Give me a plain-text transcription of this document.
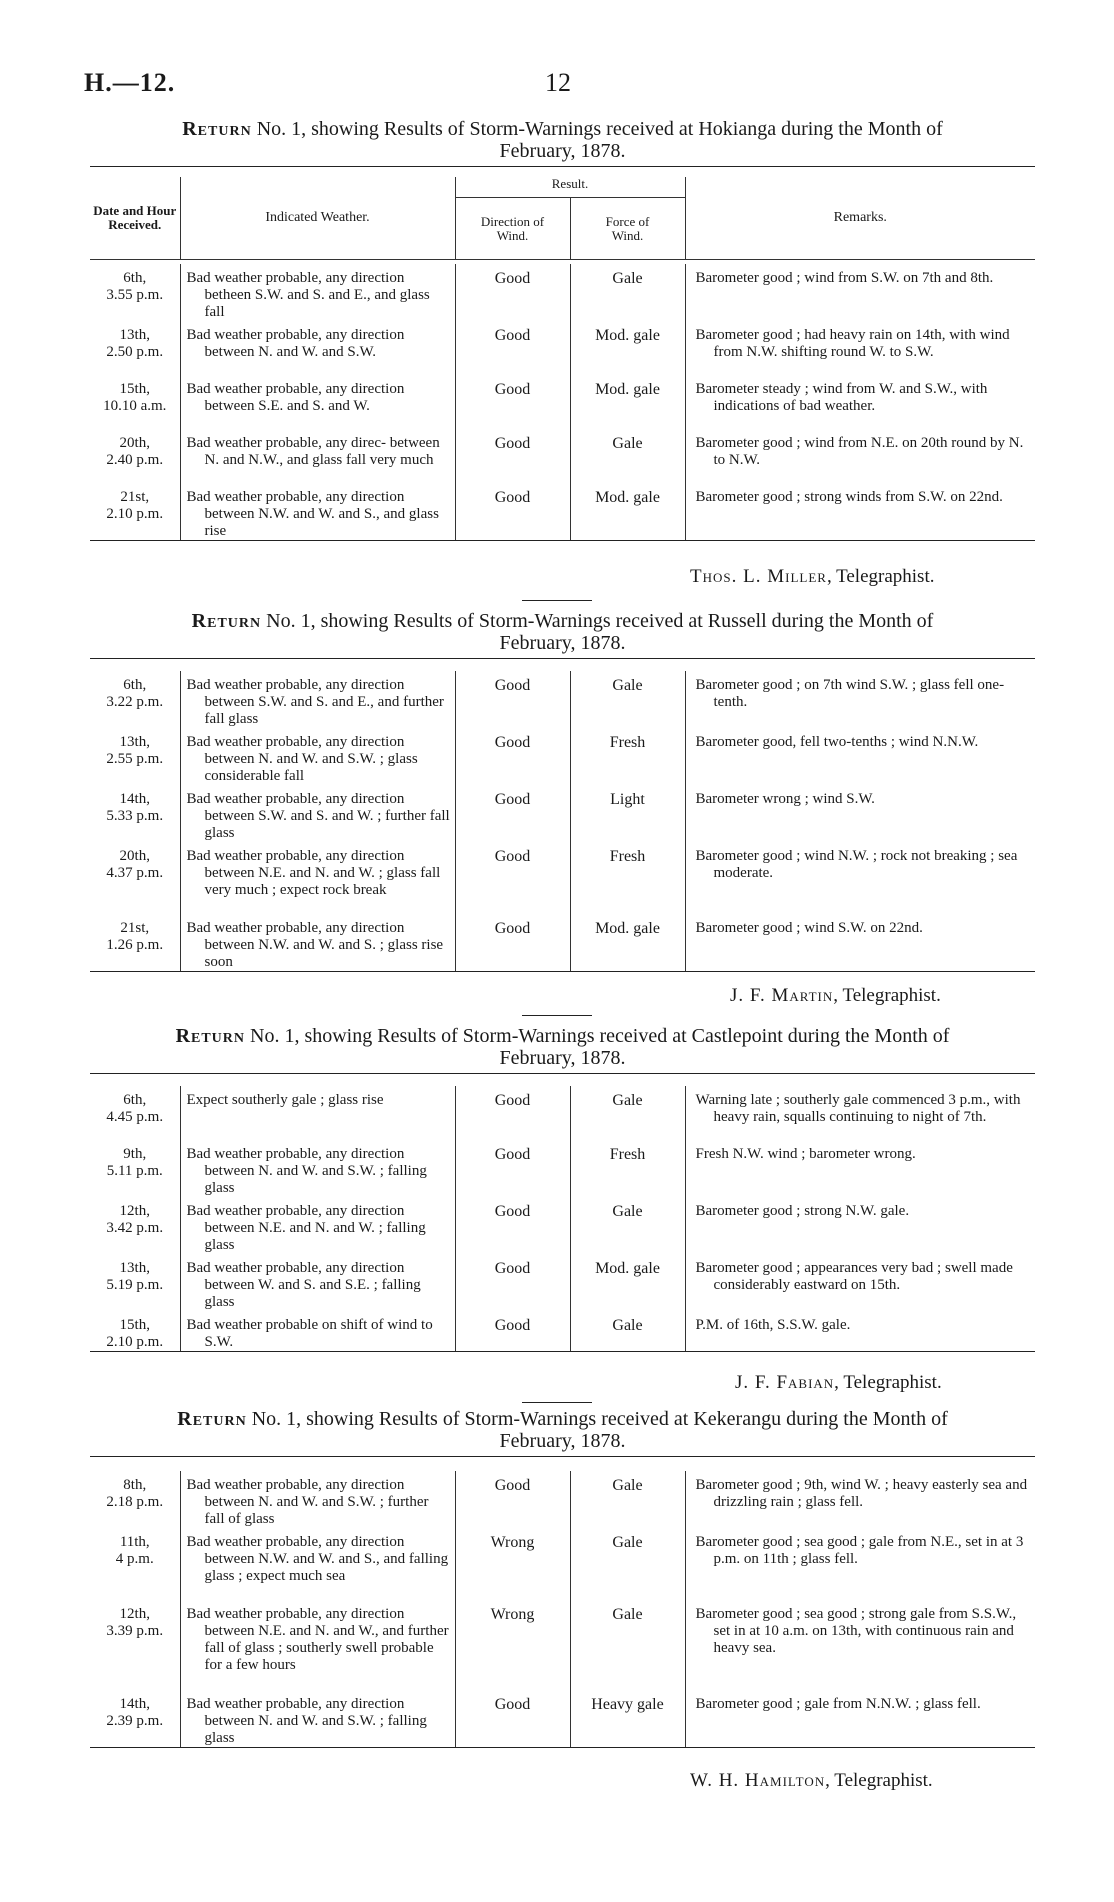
H.—12.	12

Return No. 1, showing Results of Storm-Warnings received at Hokianga during the Month of
February, 1878.

Date and Hour Received.	Indicated Weather.	Result.		Remarks.
		Direction of Wind.	Force of Wind.	

6th,
3.55 p.m.	Bad weather probable, any direction betheen S.W. and S. and E., and glass fall	Good	Gale	Barometer good ; wind from S.W. on 7th and 8th.

13th,
2.50 p.m.	Bad weather probable, any direction between N. and W. and S.W.	Good	Mod. gale	Barometer good ; had heavy rain on 14th, with wind from N.W. shifting round W. to S.W.

15th,
10.10 a.m.	Bad weather probable, any direction between S.E. and S. and W.	Good	Mod. gale	Barometer steady ; wind from W. and S.W., with indications of bad weather.

20th,
2.40 p.m.	Bad weather probable, any direc- between N. and N.W., and glass fall very much	Good	Gale	Barometer good ; wind from N.E. on 20th round by N. to N.W.

21st,
2.10 p.m.	Bad weather probable, any direction between N.W. and W. and S., and glass rise	Good	Mod. gale	Barometer good ; strong winds from S.W. on 22nd.
Thos. L. Miller, Telegraphist.

Return No. 1, showing Results of Storm-Warnings received at Russell during the Month of
February, 1878.

6th,
3.22 p.m.	Bad weather probable, any direction between S.W. and S. and E., and further fall glass	Good	Gale	Barometer good ; on 7th wind S.W. ; glass fell one-tenth.

13th,
2.55 p.m.	Bad weather probable, any direction between N. and W. and S.W. ; glass considerable fall	Good	Fresh	Barometer good, fell two-tenths ; wind N.N.W.

14th,
5.33 p.m.	Bad weather probable, any direction between S.W. and S. and W. ; further fall glass	Good	Light	Barometer wrong ; wind S.W.

20th,
4.37 p.m.	Bad weather probable, any direction between N.E. and N. and W. ; glass fall very much ; expect rock break	Good	Fresh	Barometer good ; wind N.W. ; rock not breaking ; sea moderate.

21st,
1.26 p.m.	Bad weather probable, any direction between N.W. and W. and S. ; glass rise soon	Good	Mod. gale	Barometer good ; wind S.W. on 22nd.
J. F. Martin, Telegraphist.

Return No. 1, showing Results of Storm-Warnings received at Castlepoint during the Month of
February, 1878.

6th,
4.45 p.m.	Expect southerly gale ; glass rise	Good	Gale	Warning late ; southerly gale commenced 3 p.m., with heavy rain, squalls continuing to night of 7th.

9th,
5.11 p.m.	Bad weather probable, any direction between N. and W. and S.W. ; falling glass	Good	Fresh	Fresh N.W. wind ; barometer wrong.

12th,
3.42 p.m.	Bad weather probable, any direction between N.E. and N. and W. ; falling glass	Good	Gale	Barometer good ; strong N.W. gale.

13th,
5.19 p.m.	Bad weather probable, any direction between W. and S. and S.E. ; falling glass	Good	Mod. gale	Barometer good ; appearances very bad ; swell made considerably eastward on 15th.

15th,
2.10 p.m.	Bad weather probable on shift of wind to S.W.	Good	Gale	P.M. of 16th, S.S.W. gale.
J. F. Fabian, Telegraphist.

Return No. 1, showing Results of Storm-Warnings received at Kekerangu during the Month of
February, 1878.

8th,
2.18 p.m.	Bad weather probable, any direction between N. and W. and S.W. ; further fall of glass	Good	Gale	Barometer good ; 9th, wind W. ; heavy easterly sea and drizzling rain ; glass fell.

11th,
4 p.m.	Bad weather probable, any direction between N.W. and W. and S., and falling glass ; expect much sea	Wrong	Gale	Barometer good ; sea good ; gale from N.E., set in at 3 p.m. on 11th ; glass fell.

12th,
3.39 p.m.	Bad weather probable, any direction between N.E. and N. and W., and further fall of glass ; southerly swell probable for a few hours	Wrong	Gale	Barometer good ; sea good ; strong gale from S.S.W., set in at 10 a.m. on 13th, with continuous rain and heavy sea.

14th,
2.39 p.m.	Bad weather probable, any direction between N. and W. and S.W. ; falling glass	Good	Heavy gale	Barometer good ; gale from N.N.W. ; glass fell.
W. H. Hamilton, Telegraphist.
